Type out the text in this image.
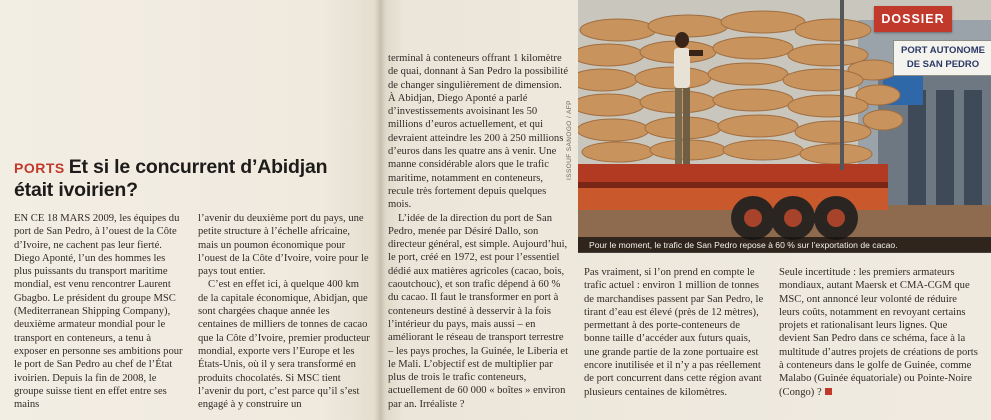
PORTS Et si le concurrent d’Abidjan était ivoirien?

EN CE 18 MARS 2009, les équipes du port de San Pedro, à l’ouest de la Côte d’Ivoire, ne cachent pas leur fierté. Diego Aponté, l’un des hommes les plus puissants du transport maritime mondial, est venu rencontrer Laurent Gbagbo. Le président du groupe MSC (Mediterranean Shipping Company), deuxième armateur mondial pour le transport en conteneurs, a tenu à exposer en personne ses ambitions pour le port de San Pedro au chef de l’État ivoirien. Depuis la fin de 2008, le groupe suisse tient en effet entre ses mains

l’avenir du deuxième port du pays, une petite structure à l’échelle africaine, mais un poumon économique pour l’ouest de la Côte d’Ivoire, voire pour le pays tout entier.

C’est en effet ici, à quelque 400 km de la capitale économique, Abidjan, que sont chargées chaque année les centaines de milliers de tonnes de cacao que la Côte d’Ivoire, premier producteur mondial, exporte vers l’Europe et les États-Unis, où il y sera transformé en produits chocolatés. Si MSC tient l’avenir du port, c’est parce qu’il s’est engagé à y construire un

terminal à conteneurs offrant 1 kilomètre de quai, donnant à San Pedro la possibilité de changer singulièrement de dimension. À Abidjan, Diego Aponté a parlé d’investissements avoisinant les 50 millions d’euros actuellement, et qui devraient atteindre les 200 à 250 millions d’euros dans les quatre ans à venir. Une manne considérable alors que le trafic maritime, notamment en conteneurs, recule très fortement depuis quelques mois.

L’idée de la direction du port de San Pedro, menée par Désiré Dallo, son directeur général, est simple. Aujourd’hui, le port, créé en 1972, est pour l’essentiel dédié aux matières agricoles (cacao, bois, caoutchouc), et son trafic dépend à 60 % du cacao. Il faut le transformer en port à conteneurs destiné à desservir à la fois l’intérieur du pays, mais aussi – en améliorant le réseau de transport terrestre – les pays proches, la Guinée, le Liberia et le Mali. L’objectif est de multiplier par plus de trois le trafic conteneurs, actuellement de 60 000 « boîtes » environ par an. Irréaliste ?

Pas vraiment, si l’on prend en compte le trafic actuel : environ 1 million de tonnes de marchandises passent par San Pedro, le tirant d’eau est élevé (près de 12 mètres), permettant à des porte-conteneurs de bonne taille d’accéder aux futurs quais, une grande partie de la zone portuaire est encore inutilisée et il n’y a pas réellement de port concurrent dans cette région avant plusieurs centaines de kilomètres.

Seule incertitude : les premiers armateurs mondiaux, autant Maersk et CMA-CGM que MSC, ont annoncé leur volonté de réduire leurs coûts, notamment en revoyant certains projets et rationalisant leurs lignes. Que devient San Pedro dans ce schéma, face à la multitude d’autres projets de créations de ports à conteneurs dans le golfe de Guinée, comme Malabo (Guinée équatoriale) ou Pointe-Noire (Congo) ?

DOSSIER
PORT AUTONOME
DE SAN PEDRO
Pour le moment, le trafic de San Pedro repose à 60 % sur l’exportation de cacao.
ISSOUF SANOGO / AFP
